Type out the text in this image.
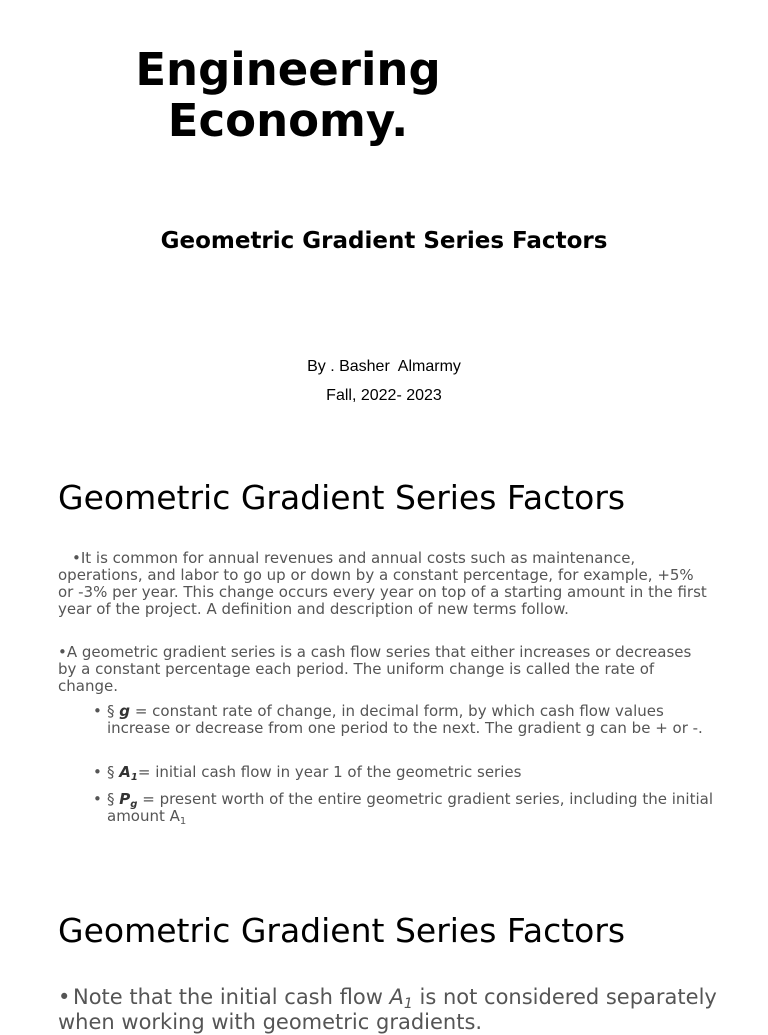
Engineering
Economy.
Geometric Gradient Series Factors
By . Basher  Almarmy
Fall, 2022- 2023
Geometric Gradient Series Factors
•It is common for annual revenues and annual costs such as maintenance, operations, and labor to go up or down by a constant percentage, for example, +5% or -3% per year. This change occurs every year on top of a starting amount in the first year of the project. A definition and description of new terms follow.
•A geometric gradient series is a cash flow series that either increases or decreases by a constant percentage each period. The uniform change is called the rate of change.
• § g = constant rate of change, in decimal form, by which cash flow values increase or decrease from one period to the next. The gradient g can be + or -.
• § $A_1=$ initial cash flow in year 1 of the geometric series
• § $P_g$ = present worth of the entire geometric gradient series, including the initial amount $A_1$
Geometric Gradient Series Factors
• Note that the initial cash flow $A_1$ is not considered separately when working with geometric gradients.
